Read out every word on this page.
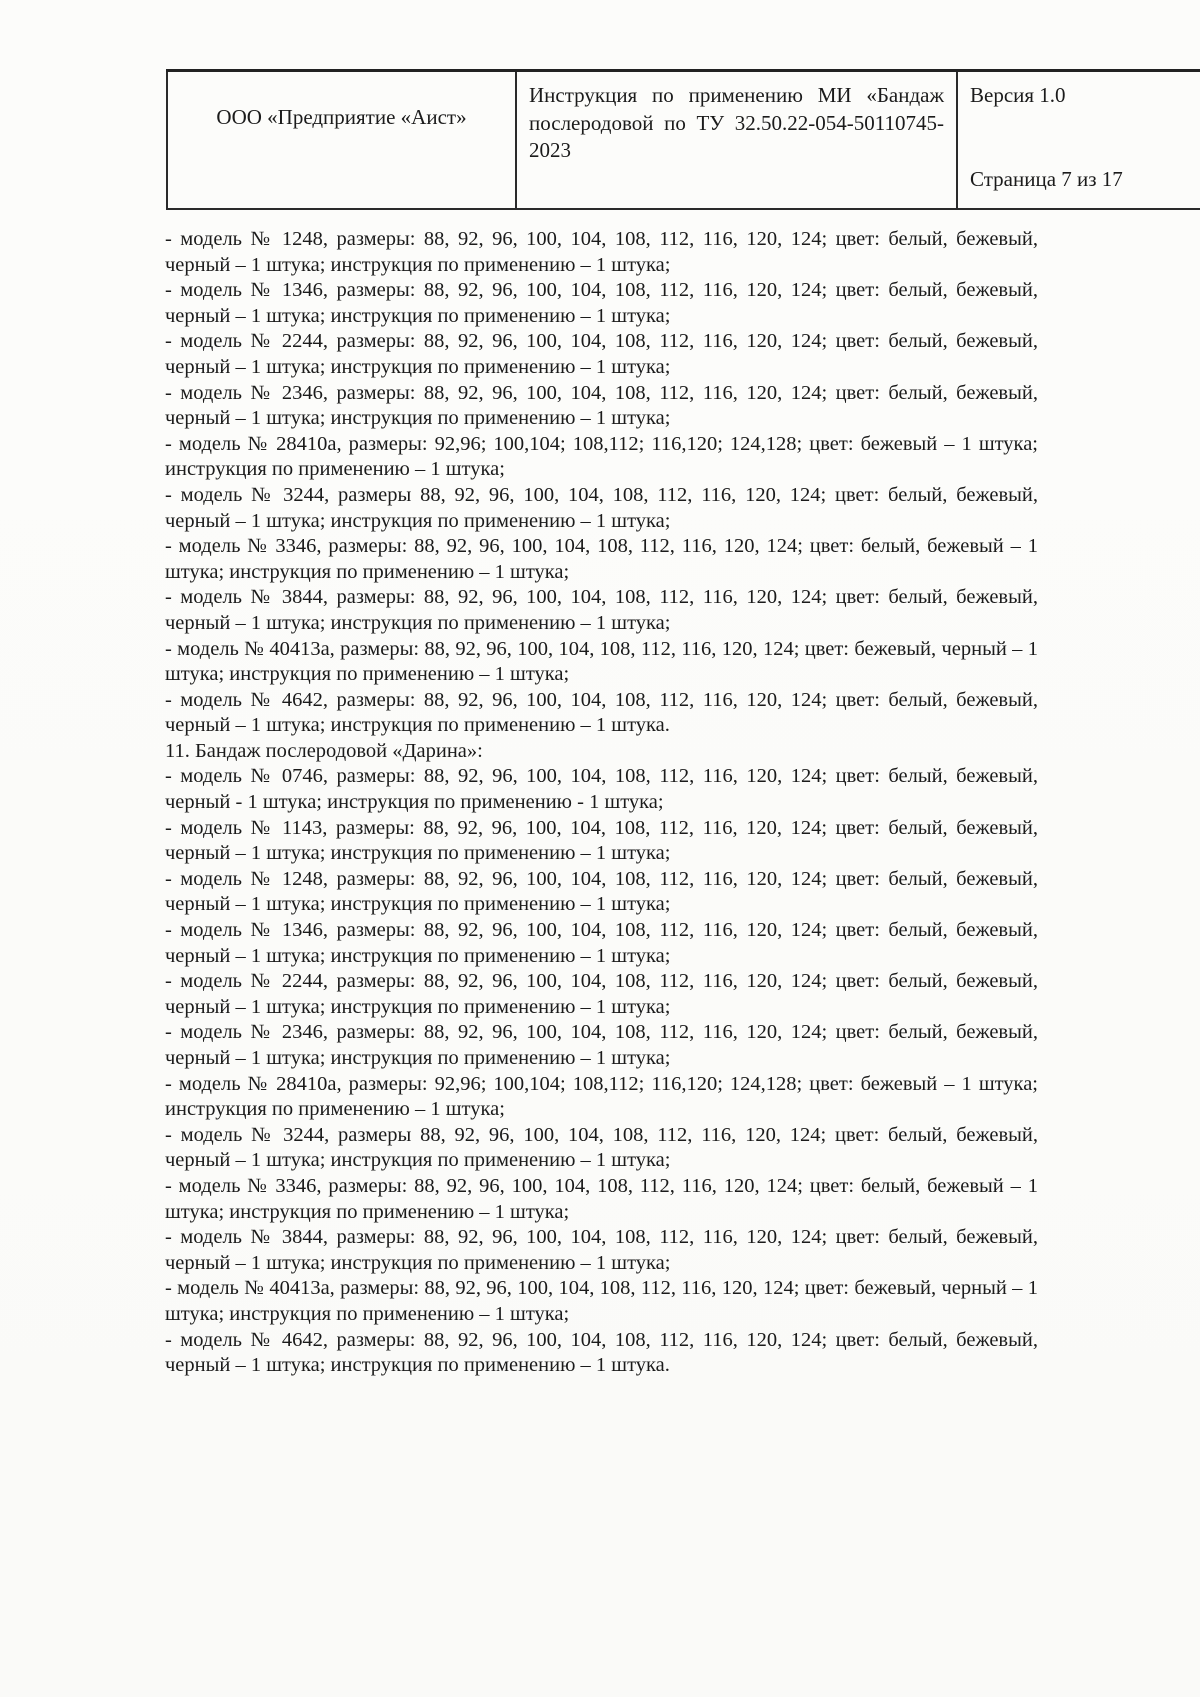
ООО «Предприятие «Аист»	Инструкция по применению МИ «Бандаж послеродовой по ТУ 32.50.22-054-50110745-2023	
Версия 1.0
Страница 7 из 17

- модель № 1248, размеры: 88, 92, 96, 100, 104, 108, 112, 116, 120, 124; цвет: белый, бежевый, черный – 1 штука; инструкция по применению – 1 штука;

- модель № 1346, размеры: 88, 92, 96, 100, 104, 108, 112, 116, 120, 124; цвет: белый, бежевый, черный – 1 штука; инструкция по применению – 1 штука;

- модель № 2244, размеры: 88, 92, 96, 100, 104, 108, 112, 116, 120, 124; цвет: белый, бежевый, черный – 1 штука; инструкция по применению – 1 штука;

- модель № 2346, размеры: 88, 92, 96, 100, 104, 108, 112, 116, 120, 124; цвет: белый, бежевый, черный – 1 штука; инструкция по применению – 1 штука;

- модель № 28410а, размеры: 92,96; 100,104; 108,112; 116,120; 124,128; цвет: бежевый – 1 штука; инструкция по применению – 1 штука;

- модель № 3244, размеры 88, 92, 96, 100, 104, 108, 112, 116, 120, 124; цвет: белый, бежевый, черный – 1 штука; инструкция по применению – 1 штука;

- модель № 3346, размеры: 88, 92, 96, 100, 104, 108, 112, 116, 120, 124; цвет: белый, бежевый – 1 штука; инструкция по применению – 1 штука;

- модель № 3844, размеры: 88, 92, 96, 100, 104, 108, 112, 116, 120, 124; цвет: белый, бежевый, черный – 1 штука; инструкция по применению – 1 штука;

- модель № 40413а, размеры: 88, 92, 96, 100, 104, 108, 112, 116, 120, 124; цвет: бежевый, черный – 1 штука; инструкция по применению – 1 штука;

- модель № 4642, размеры: 88, 92, 96, 100, 104, 108, 112, 116, 120, 124; цвет: белый, бежевый, черный – 1 штука; инструкция по применению – 1 штука.

11. Бандаж послеродовой «Дарина»:

- модель № 0746, размеры: 88, 92, 96, 100, 104, 108, 112, 116, 120, 124; цвет: белый, бежевый, черный - 1 штука; инструкция по применению - 1 штука;

- модель № 1143, размеры: 88, 92, 96, 100, 104, 108, 112, 116, 120, 124; цвет: белый, бежевый, черный – 1 штука; инструкция по применению – 1 штука;

- модель № 1248, размеры: 88, 92, 96, 100, 104, 108, 112, 116, 120, 124; цвет: белый, бежевый, черный – 1 штука; инструкция по применению – 1 штука;

- модель № 1346, размеры: 88, 92, 96, 100, 104, 108, 112, 116, 120, 124; цвет: белый, бежевый, черный – 1 штука; инструкция по применению – 1 штука;

- модель № 2244, размеры: 88, 92, 96, 100, 104, 108, 112, 116, 120, 124; цвет: белый, бежевый, черный – 1 штука; инструкция по применению – 1 штука;

- модель № 2346, размеры: 88, 92, 96, 100, 104, 108, 112, 116, 120, 124; цвет: белый, бежевый, черный – 1 штука; инструкция по применению – 1 штука;

- модель № 28410а, размеры: 92,96; 100,104; 108,112; 116,120; 124,128; цвет: бежевый – 1 штука; инструкция по применению – 1 штука;

- модель № 3244, размеры 88, 92, 96, 100, 104, 108, 112, 116, 120, 124; цвет: белый, бежевый, черный – 1 штука; инструкция по применению – 1 штука;

- модель № 3346, размеры: 88, 92, 96, 100, 104, 108, 112, 116, 120, 124; цвет: белый, бежевый – 1 штука; инструкция по применению – 1 штука;

- модель № 3844, размеры: 88, 92, 96, 100, 104, 108, 112, 116, 120, 124; цвет: белый, бежевый, черный – 1 штука; инструкция по применению – 1 штука;

- модель № 40413а, размеры: 88, 92, 96, 100, 104, 108, 112, 116, 120, 124; цвет: бежевый, черный – 1 штука; инструкция по применению – 1 штука;

- модель № 4642, размеры: 88, 92, 96, 100, 104, 108, 112, 116, 120, 124; цвет: белый, бежевый, черный – 1 штука; инструкция по применению – 1 штука.
